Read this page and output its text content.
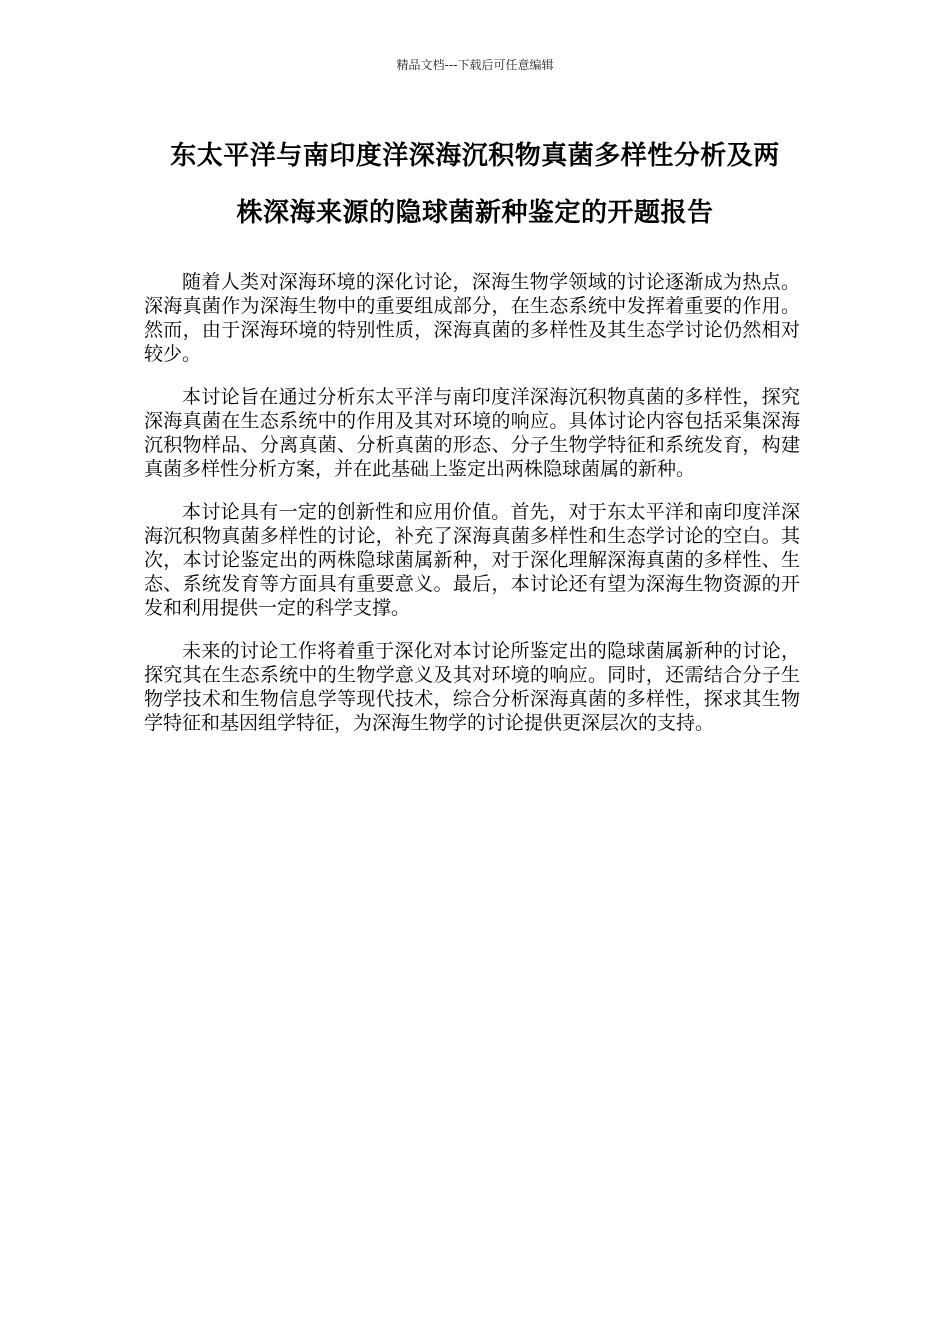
精品文档---下载后可任意编辑
东太平洋与南印度洋深海沉积物真菌多样性分析及两
株深海来源的隐球菌新种鉴定的开题报告

随着人类对深海环境的深化讨论，深海生物学领域的讨论逐渐成为热点。深海真菌作为深海生物中的重要组成部分，在生态系统中发挥着重要的作用。然而，由于深海环境的特别性质，深海真菌的多样性及其生态学讨论仍然相对较少。

本讨论旨在通过分析东太平洋与南印度洋深海沉积物真菌的多样性，探究深海真菌在生态系统中的作用及其对环境的响应。具体讨论内容包括采集深海沉积物样品、分离真菌、分析真菌的形态、分子生物学特征和系统发育，构建真菌多样性分析方案，并在此基础上鉴定出两株隐球菌属的新种。

本讨论具有一定的创新性和应用价值。首先，对于东太平洋和南印度洋深海沉积物真菌多样性的讨论，补充了深海真菌多样性和生态学讨论的空白。其次，本讨论鉴定出的两株隐球菌属新种，对于深化理解深海真菌的多样性、生态、系统发育等方面具有重要意义。最后，本讨论还有望为深海生物资源的开发和利用提供一定的科学支撑。

未来的讨论工作将着重于深化对本讨论所鉴定出的隐球菌属新种的讨论，探究其在生态系统中的生物学意义及其对环境的响应。同时，还需结合分子生物学技术和生物信息学等现代技术，综合分析深海真菌的多样性，探求其生物学特征和基因组学特征，为深海生物学的讨论提供更深层次的支持。
